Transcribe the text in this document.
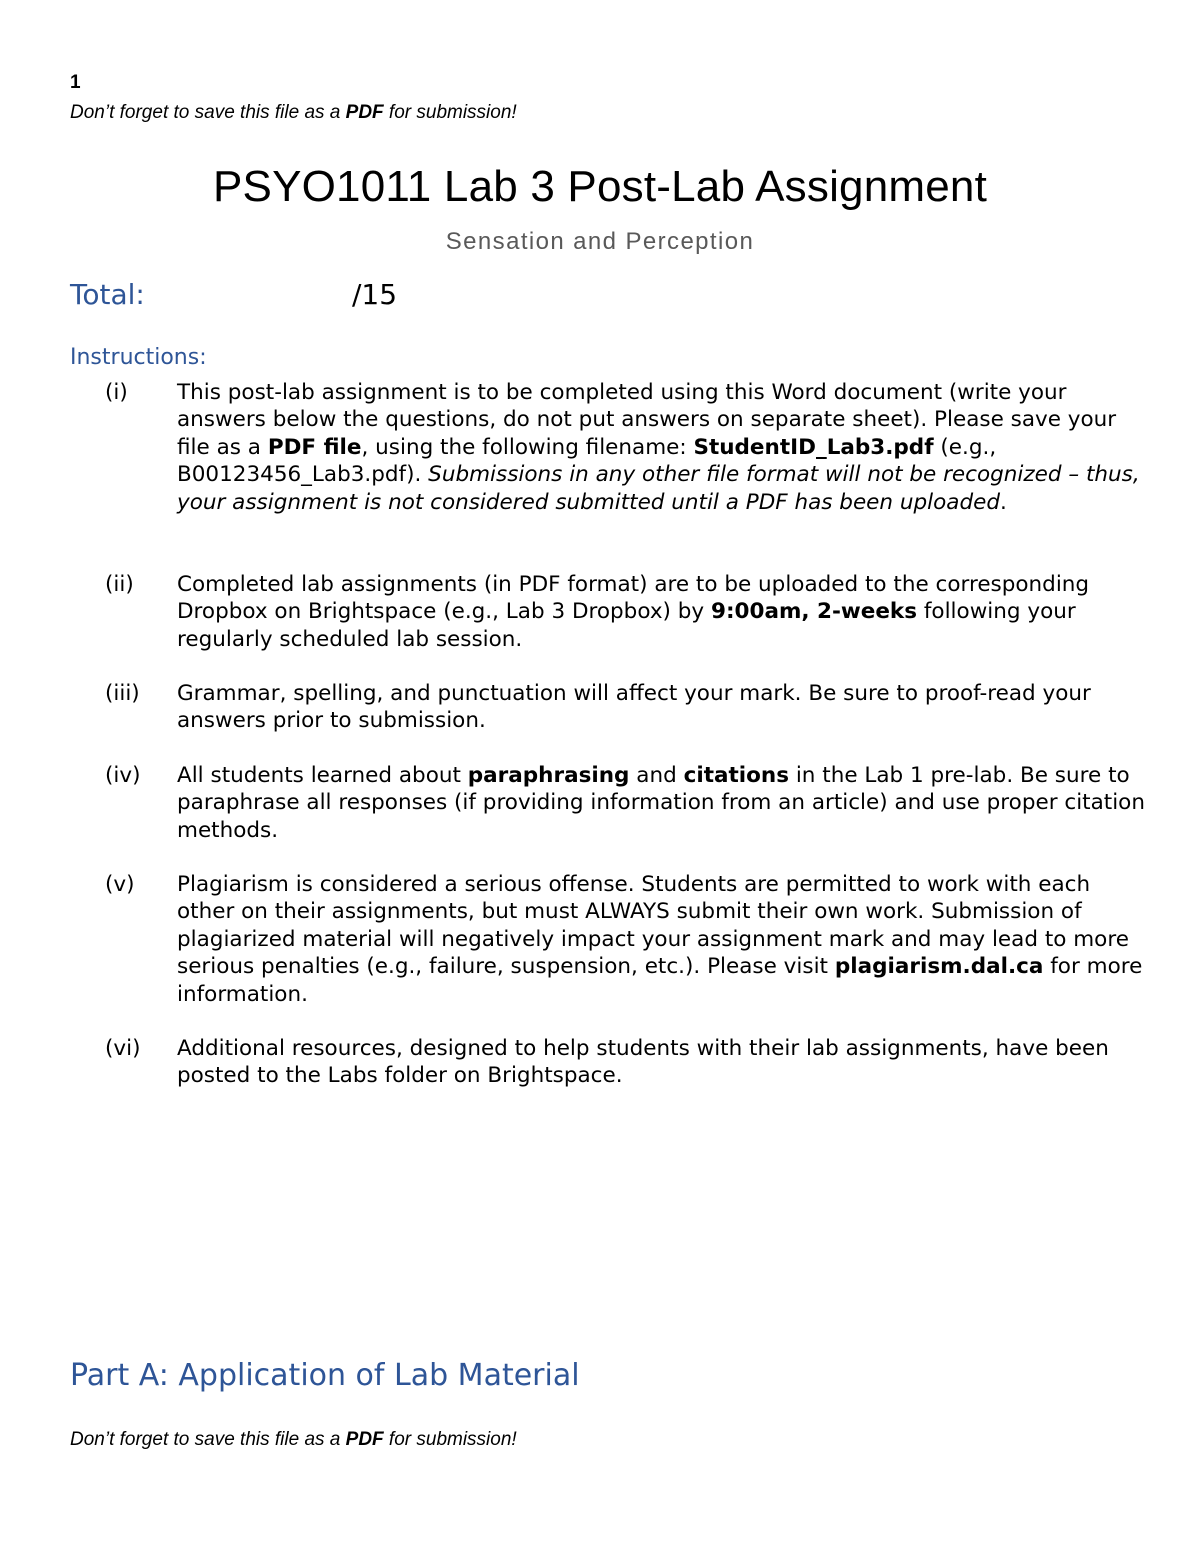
1
Don’t forget to save this file as a PDF for submission!
PSYO1011 Lab 3 Post-Lab Assignment
Sensation and Perception
Total:	/15
Instructions:
(i) This post-lab assignment is to be completed using this Word document (write your answers below the questions, do not put answers on separate sheet). Please save your file as a PDF file, using the following filename: StudentID_Lab3.pdf (e.g., B00123456_Lab3.pdf). Submissions in any other file format will not be recognized – thus, your assignment is not considered submitted until a PDF has been uploaded.
(ii) Completed lab assignments (in PDF format) are to be uploaded to the corresponding Dropbox on Brightspace (e.g., Lab 3 Dropbox) by 9:00am, 2-weeks following your regularly scheduled lab session.
(iii) Grammar, spelling, and punctuation will affect your mark. Be sure to proof-read your answers prior to submission.
(iv) All students learned about paraphrasing and citations in the Lab 1 pre-lab. Be sure to paraphrase all responses (if providing information from an article) and use proper citation methods.
(v) Plagiarism is considered a serious offense. Students are permitted to work with each other on their assignments, but must ALWAYS submit their own work. Submission of plagiarized material will negatively impact your assignment mark and may lead to more serious penalties (e.g., failure, suspension, etc.). Please visit plagiarism.dal.ca for more information.
(vi) Additional resources, designed to help students with their lab assignments, have been posted to the Labs folder on Brightspace.
Part A: Application of Lab Material
Don’t forget to save this file as a PDF for submission!
